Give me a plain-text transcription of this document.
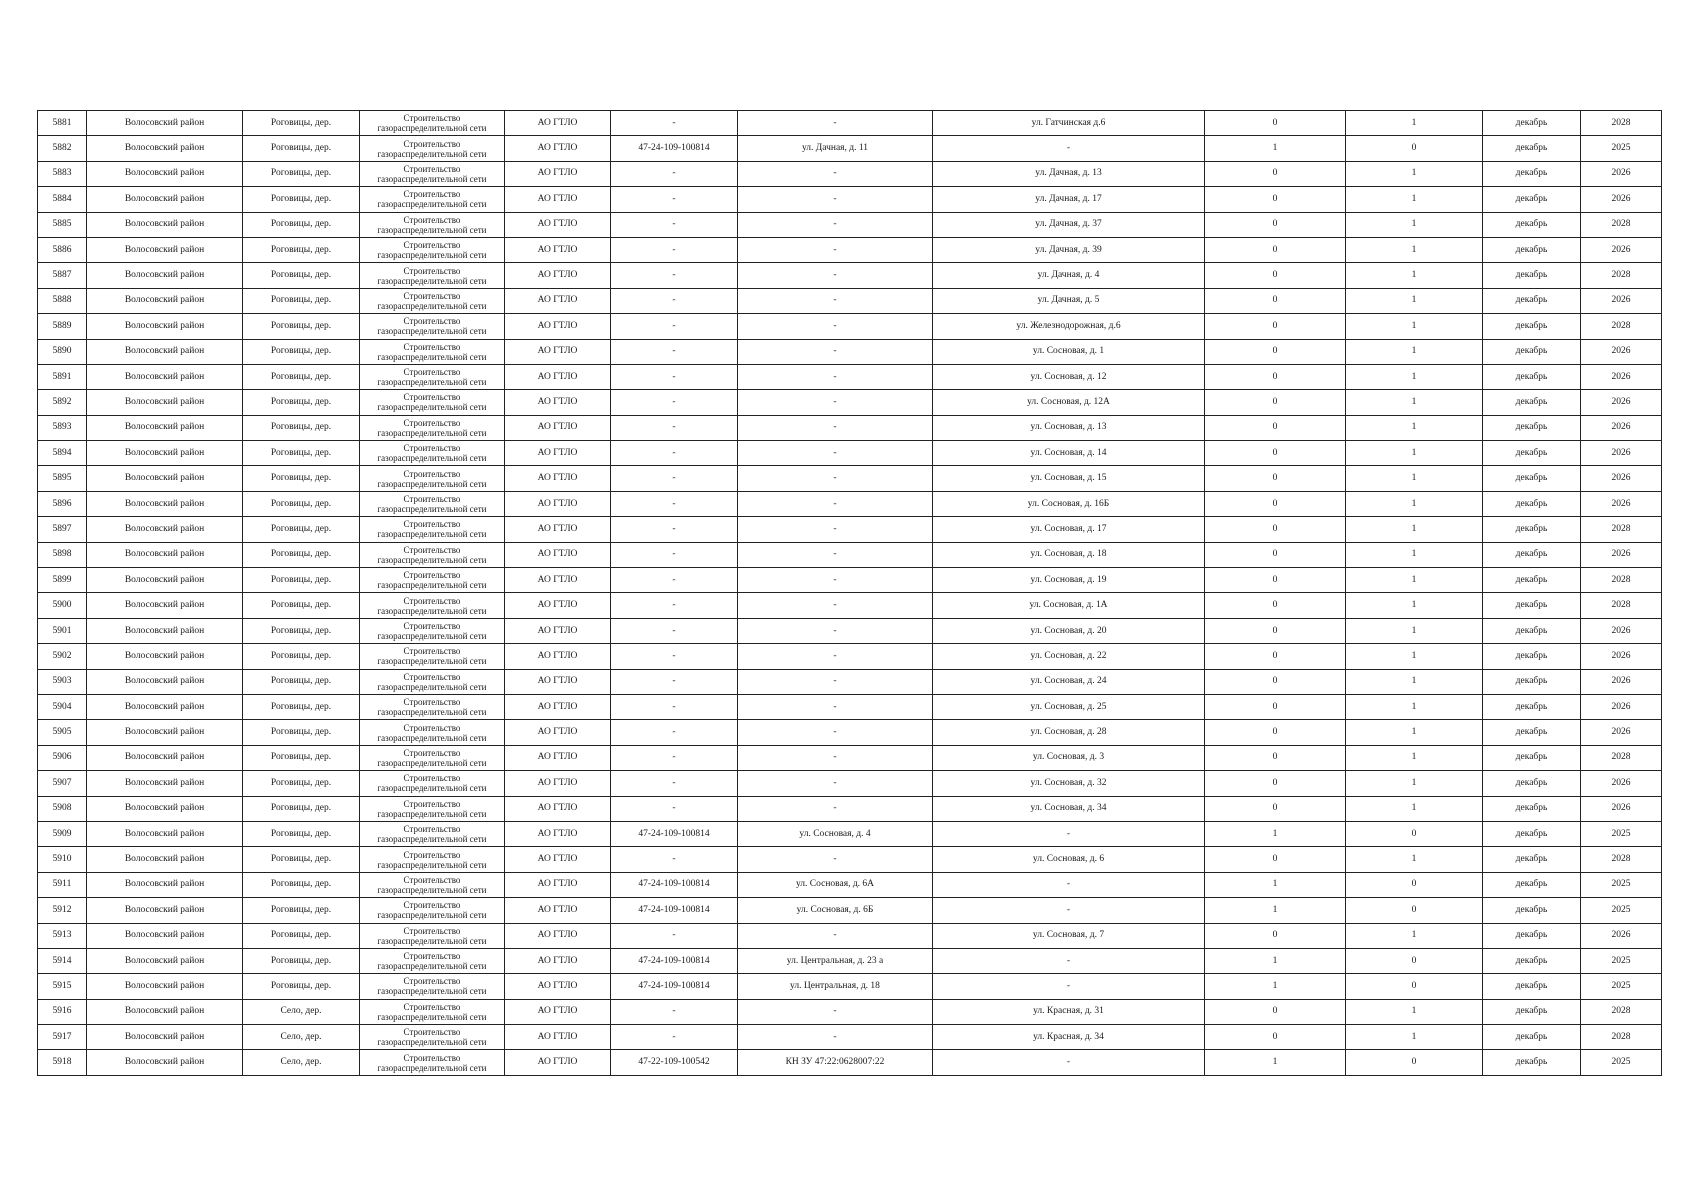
5881	Волосовский район	Роговицы, дер.	Строительство газораспределительной сети	АО ГТЛО	-	-	ул. Гатчинская д.6	0	1	декабрь	2028
5882	Волосовский район	Роговицы, дер.	Строительство газораспределительной сети	АО ГТЛО	47-24-109-100814	ул. Дачная, д. 11	-	1	0	декабрь	2025
5883	Волосовский район	Роговицы, дер.	Строительство газораспределительной сети	АО ГТЛО	-	-	ул. Дачная, д. 13	0	1	декабрь	2026
5884	Волосовский район	Роговицы, дер.	Строительство газораспределительной сети	АО ГТЛО	-	-	ул. Дачная, д. 17	0	1	декабрь	2026
5885	Волосовский район	Роговицы, дер.	Строительство газораспределительной сети	АО ГТЛО	-	-	ул. Дачная, д. 37	0	1	декабрь	2028
5886	Волосовский район	Роговицы, дер.	Строительство газораспределительной сети	АО ГТЛО	-	-	ул. Дачная, д. 39	0	1	декабрь	2026
5887	Волосовский район	Роговицы, дер.	Строительство газораспределительной сети	АО ГТЛО	-	-	ул. Дачная, д. 4	0	1	декабрь	2028
5888	Волосовский район	Роговицы, дер.	Строительство газораспределительной сети	АО ГТЛО	-	-	ул. Дачная, д. 5	0	1	декабрь	2026
5889	Волосовский район	Роговицы, дер.	Строительство газораспределительной сети	АО ГТЛО	-	-	ул. Железнодорожная, д.6	0	1	декабрь	2028
5890	Волосовский район	Роговицы, дер.	Строительство газораспределительной сети	АО ГТЛО	-	-	ул. Сосновая, д. 1	0	1	декабрь	2026
5891	Волосовский район	Роговицы, дер.	Строительство газораспределительной сети	АО ГТЛО	-	-	ул. Сосновая, д. 12	0	1	декабрь	2026
5892	Волосовский район	Роговицы, дер.	Строительство газораспределительной сети	АО ГТЛО	-	-	ул. Сосновая, д. 12А	0	1	декабрь	2026
5893	Волосовский район	Роговицы, дер.	Строительство газораспределительной сети	АО ГТЛО	-	-	ул. Сосновая, д. 13	0	1	декабрь	2026
5894	Волосовский район	Роговицы, дер.	Строительство газораспределительной сети	АО ГТЛО	-	-	ул. Сосновая, д. 14	0	1	декабрь	2026
5895	Волосовский район	Роговицы, дер.	Строительство газораспределительной сети	АО ГТЛО	-	-	ул. Сосновая, д. 15	0	1	декабрь	2026
5896	Волосовский район	Роговицы, дер.	Строительство газораспределительной сети	АО ГТЛО	-	-	ул. Сосновая, д. 16Б	0	1	декабрь	2026
5897	Волосовский район	Роговицы, дер.	Строительство газораспределительной сети	АО ГТЛО	-	-	ул. Сосновая, д. 17	0	1	декабрь	2028
5898	Волосовский район	Роговицы, дер.	Строительство газораспределительной сети	АО ГТЛО	-	-	ул. Сосновая, д. 18	0	1	декабрь	2026
5899	Волосовский район	Роговицы, дер.	Строительство газораспределительной сети	АО ГТЛО	-	-	ул. Сосновая, д. 19	0	1	декабрь	2028
5900	Волосовский район	Роговицы, дер.	Строительство газораспределительной сети	АО ГТЛО	-	-	ул. Сосновая, д. 1А	0	1	декабрь	2028
5901	Волосовский район	Роговицы, дер.	Строительство газораспределительной сети	АО ГТЛО	-	-	ул. Сосновая, д. 20	0	1	декабрь	2026
5902	Волосовский район	Роговицы, дер.	Строительство газораспределительной сети	АО ГТЛО	-	-	ул. Сосновая, д. 22	0	1	декабрь	2026
5903	Волосовский район	Роговицы, дер.	Строительство газораспределительной сети	АО ГТЛО	-	-	ул. Сосновая, д. 24	0	1	декабрь	2026
5904	Волосовский район	Роговицы, дер.	Строительство газораспределительной сети	АО ГТЛО	-	-	ул. Сосновая, д. 25	0	1	декабрь	2026
5905	Волосовский район	Роговицы, дер.	Строительство газораспределительной сети	АО ГТЛО	-	-	ул. Сосновая, д. 28	0	1	декабрь	2026
5906	Волосовский район	Роговицы, дер.	Строительство газораспределительной сети	АО ГТЛО	-	-	ул. Сосновая, д. 3	0	1	декабрь	2028
5907	Волосовский район	Роговицы, дер.	Строительство газораспределительной сети	АО ГТЛО	-	-	ул. Сосновая, д. 32	0	1	декабрь	2026
5908	Волосовский район	Роговицы, дер.	Строительство газораспределительной сети	АО ГТЛО	-	-	ул. Сосновая, д. 34	0	1	декабрь	2026
5909	Волосовский район	Роговицы, дер.	Строительство газораспределительной сети	АО ГТЛО	47-24-109-100814	ул. Сосновая, д. 4	-	1	0	декабрь	2025
5910	Волосовский район	Роговицы, дер.	Строительство газораспределительной сети	АО ГТЛО	-	-	ул. Сосновая, д. 6	0	1	декабрь	2028
5911	Волосовский район	Роговицы, дер.	Строительство газораспределительной сети	АО ГТЛО	47-24-109-100814	ул. Сосновая, д. 6А	-	1	0	декабрь	2025
5912	Волосовский район	Роговицы, дер.	Строительство газораспределительной сети	АО ГТЛО	47-24-109-100814	ул. Сосновая, д. 6Б	-	1	0	декабрь	2025
5913	Волосовский район	Роговицы, дер.	Строительство газораспределительной сети	АО ГТЛО	-	-	ул. Сосновая, д. 7	0	1	декабрь	2026
5914	Волосовский район	Роговицы, дер.	Строительство газораспределительной сети	АО ГТЛО	47-24-109-100814	ул. Центральная, д. 23 а	-	1	0	декабрь	2025
5915	Волосовский район	Роговицы, дер.	Строительство газораспределительной сети	АО ГТЛО	47-24-109-100814	ул. Центральная, д. 18	-	1	0	декабрь	2025
5916	Волосовский район	Село, дер.	Строительство газораспределительной сети	АО ГТЛО	-	-	ул. Красная, д. 31	0	1	декабрь	2028
5917	Волосовский район	Село, дер.	Строительство газораспределительной сети	АО ГТЛО	-	-	ул. Красная, д. 34	0	1	декабрь	2028
5918	Волосовский район	Село, дер.	Строительство газораспределительной сети	АО ГТЛО	47-22-109-100542	КН ЗУ 47:22:0628007:22	-	1	0	декабрь	2025
